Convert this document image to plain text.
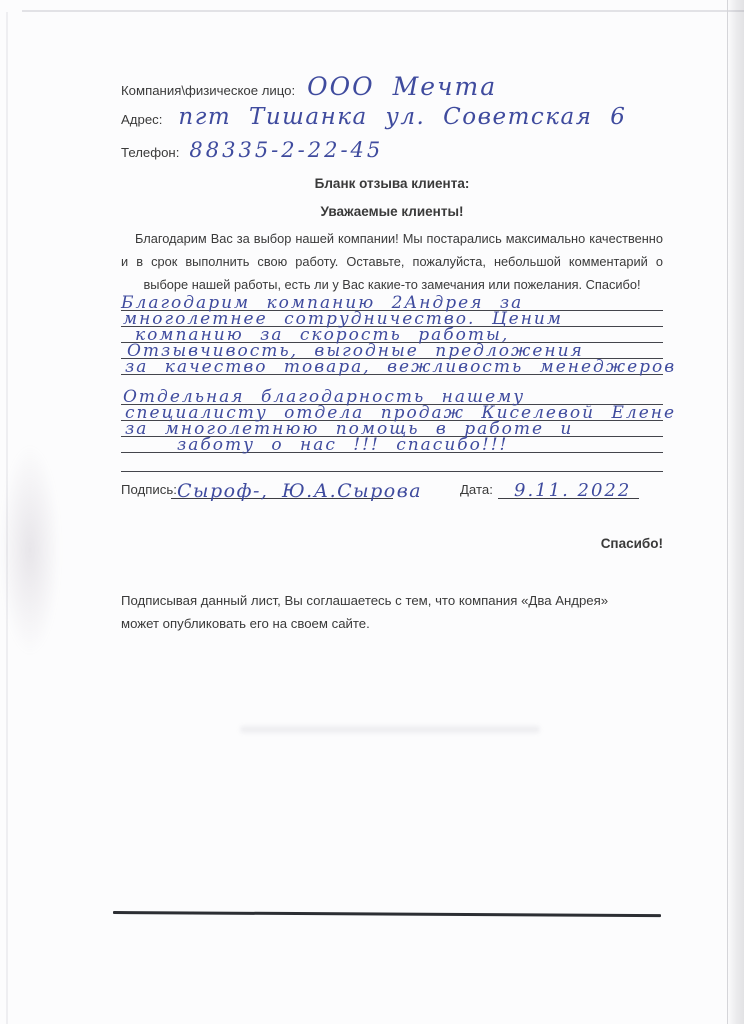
Компания\физическое лицо: ООО Мечта
Адрес: пгт Тишанка ул. Советская 6
Телефон: 88335-2-22-45
Бланк отзыва клиента:
Уважаемые клиенты!

Благодарим Вас за выбор нашей компании! Мы постарались максимально качественно и в срок выполнить свою работу. Оставьте, пожалуйста, небольшой комментарий о выборе нашей работы, есть ли у Вас какие-то замечания или пожелания. Спасибо!

Благодарим компанию 2Андрея за
многолетнее сотрудничество. Ценим
компанию за скорость работы,
Отзывчивость, выгодные предложения
за качество товара, вежливость менеджеров
Отдельная благодарность нашему
специалисту отдела продаж Киселевой Елене
за многолетнюю помощь в работе и
заботу о нас !!! спасибо!!!
Подпись: Сыроф-, Ю.А.Сырова	Дата: 9.11. 2022
Спасибо!

Подписывая данный лист, Вы соглашаетесь с тем, что компания «Два Андрея» может опубликовать его на своем сайте.
